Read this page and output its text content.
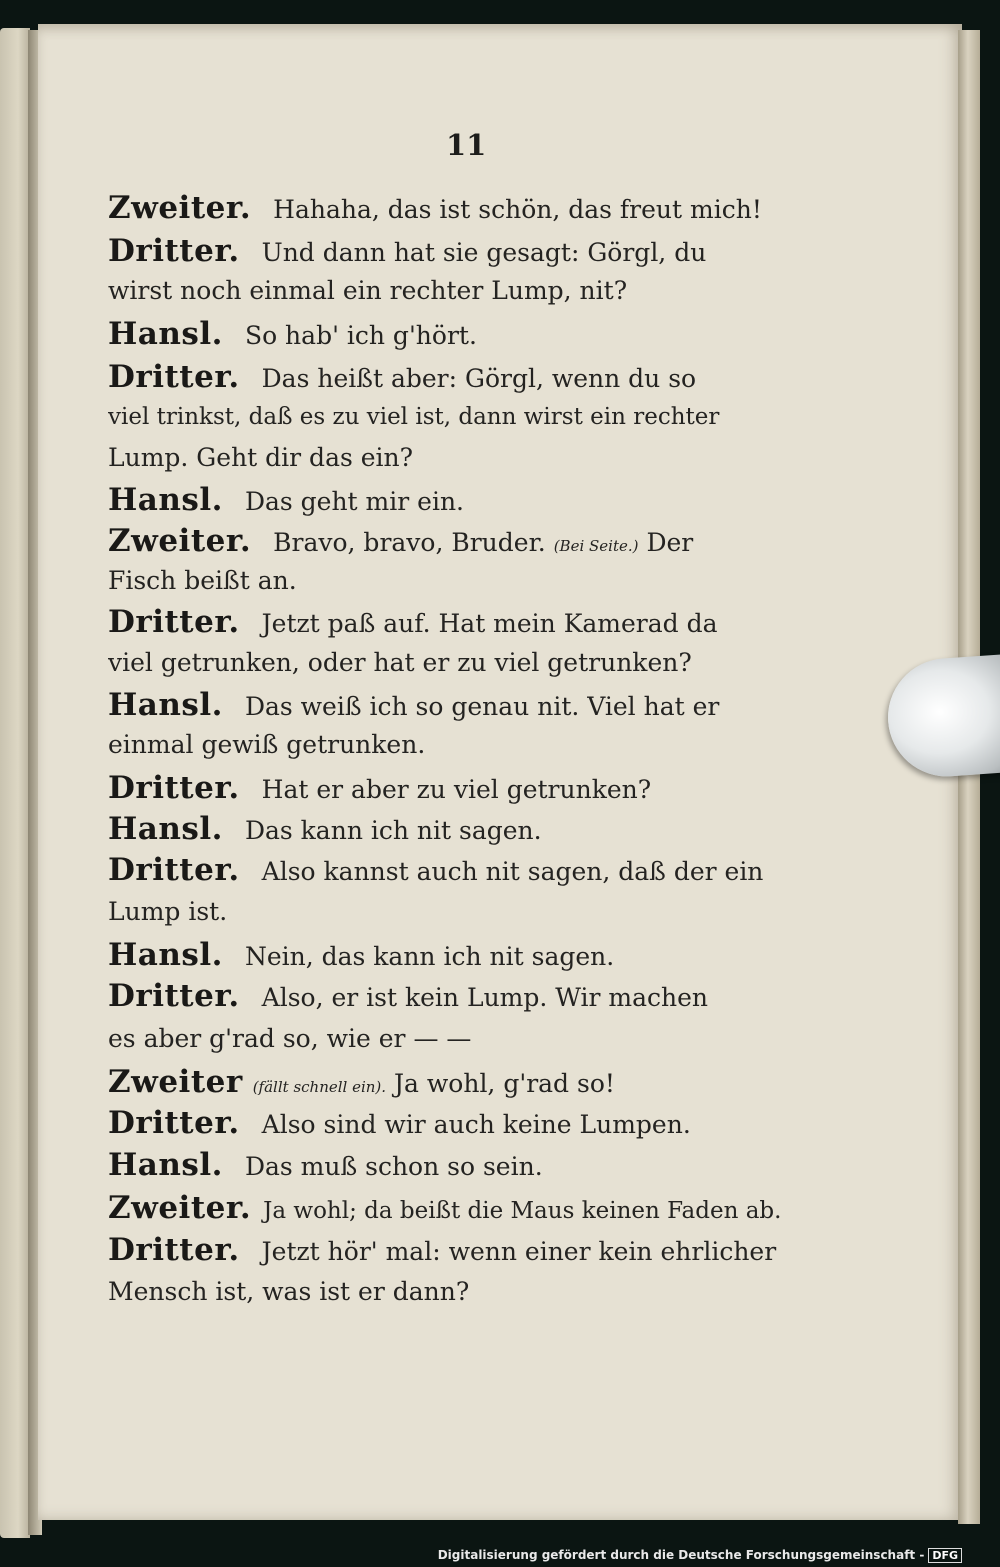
11
Zweiter. Hahaha, das ist schön, das freut mich!
Dritter. Und dann hat sie gesagt: Görgl, du
wirst noch einmal ein rechter Lump, nit?
Hansl. So hab' ich g'hört.
Dritter. Das heißt aber: Görgl, wenn du so
viel trinkst, daß es zu viel ist, dann wirst ein rechter
Lump. Geht dir das ein?
Hansl. Das geht mir ein.
Zweiter. Bravo, bravo, Bruder. (Bei Seite.) Der
Fisch beißt an.
Dritter. Jetzt paß auf. Hat mein Kamerad da
viel getrunken, oder hat er zu viel getrunken?
Hansl. Das weiß ich so genau nit. Viel hat er
einmal gewiß getrunken.
Dritter. Hat er aber zu viel getrunken?
Hansl. Das kann ich nit sagen.
Dritter. Also kannst auch nit sagen, daß der ein
Lump ist.
Hansl. Nein, das kann ich nit sagen.
Dritter. Also, er ist kein Lump. Wir machen
es aber g'rad so, wie er — —
Zweiter (fällt schnell ein). Ja wohl, g'rad so!
Dritter. Also sind wir auch keine Lumpen.
Hansl. Das muß schon so sein.
Zweiter. Ja wohl; da beißt die Maus keinen Faden ab.
Dritter. Jetzt hör' mal: wenn einer kein ehrlicher
Mensch ist, was ist er dann?
Digitalisierung gefördert durch die Deutsche Forschungsgemeinschaft - DFG
